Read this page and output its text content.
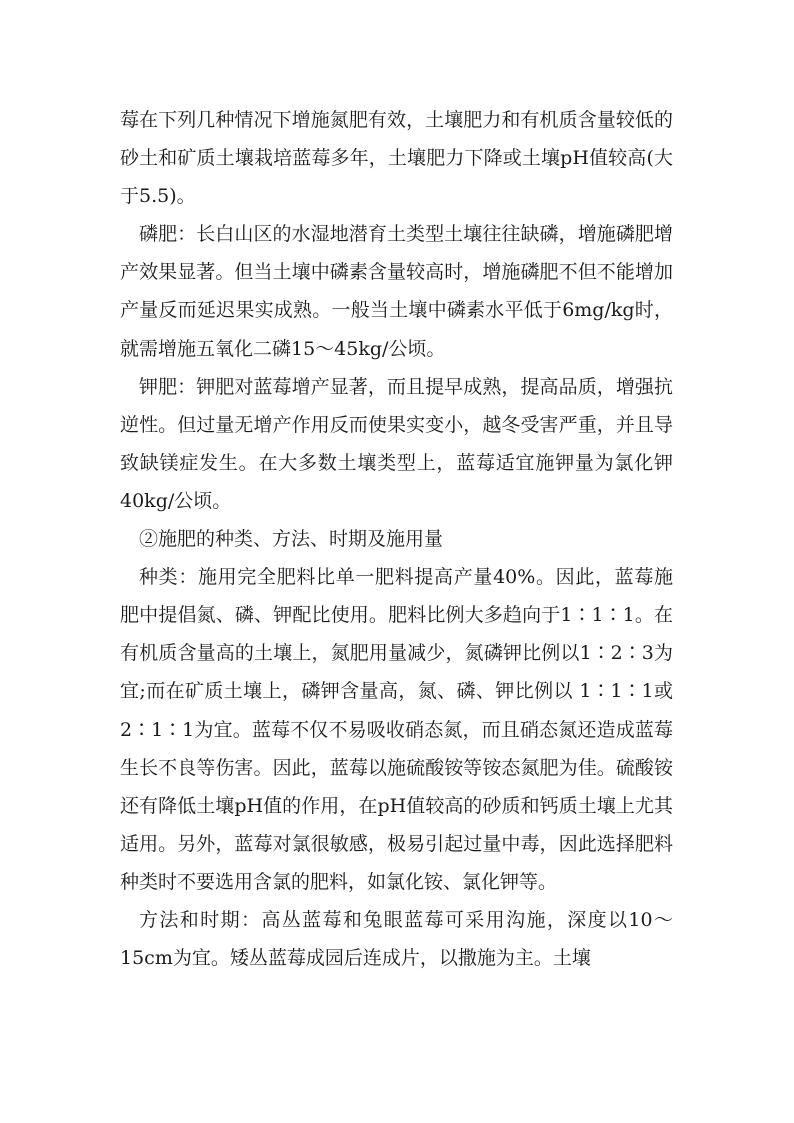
莓在下列几种情况下增施氮肥有效，土壤肥力和有机质含量较低的砂土和矿质土壤栽培蓝莓多年，土壤肥力下降或土壤pH值较高(大于5.5)。

磷肥：长白山区的水湿地潜育土类型土壤往往缺磷，增施磷肥增产效果显著。但当土壤中磷素含量较高时，增施磷肥不但不能增加产量反而延迟果实成熟。一般当土壤中磷素水平低于6mg/kg时，就需增施五氧化二磷15～45kg/公顷。

钾肥：钾肥对蓝莓增产显著，而且提早成熟，提高品质，增强抗逆性。但过量无增产作用反而使果实变小，越冬受害严重，并且导致缺镁症发生。在大多数土壤类型上，蓝莓适宜施钾量为氯化钾40kg/公顷。

②施肥的种类、方法、时期及施用量

种类：施用完全肥料比单一肥料提高产量40%。因此，蓝莓施肥中提倡氮、磷、钾配比使用。肥料比例大多趋向于1∶1∶1。在有机质含量高的土壤上，氮肥用量减少，氮磷钾比例以1∶2∶3为宜;而在矿质土壤上，磷钾含量高，氮、磷、钾比例以 1∶1∶1或2∶1∶1为宜。蓝莓不仅不易吸收硝态氮，而且硝态氮还造成蓝莓生长不良等伤害。因此，蓝莓以施硫酸铵等铵态氮肥为佳。硫酸铵还有降低土壤pH值的作用，在pH值较高的砂质和钙质土壤上尤其适用。另外，蓝莓对氯很敏感，极易引起过量中毒，因此选择肥料种类时不要选用含氯的肥料，如氯化铵、氯化钾等。

方法和时期：高丛蓝莓和兔眼蓝莓可采用沟施，深度以10～15cm为宜。矮丛蓝莓成园后连成片，以撒施为主。土壤
